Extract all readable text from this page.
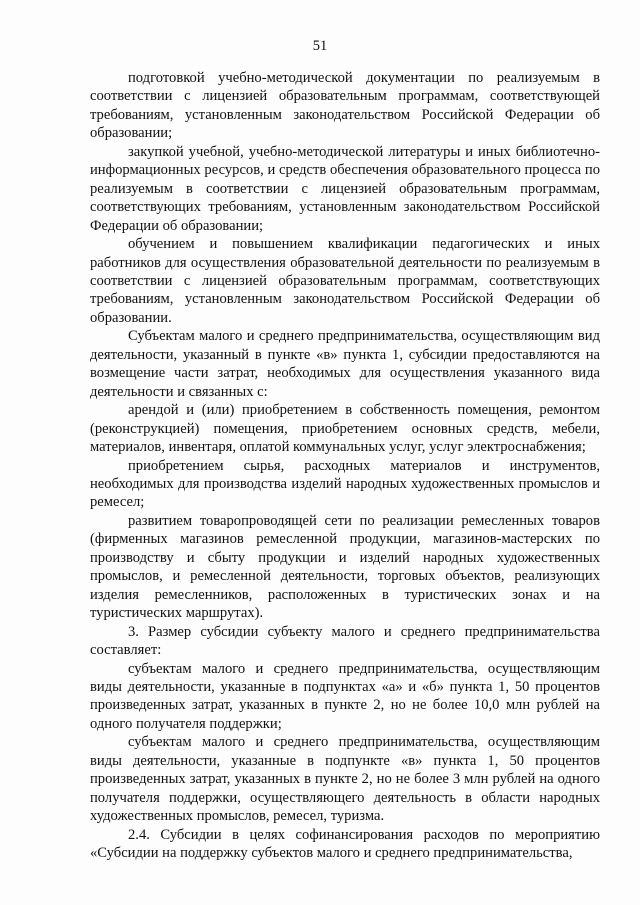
51

подготовкой учебно-методической документации по реализуемым в соответствии с лицензией образовательным программам, соответствующей требованиям, установленным законодательством Российской Федерации об образовании;

закупкой учебной, учебно-методической литературы и иных библиотечно-информационных ресурсов, и средств обеспечения образовательного процесса по реализуемым в соответствии с лицензией образовательным программам, соответствующих требованиям, установленным законодательством Российской Федерации об образовании;

обучением и повышением квалификации педагогических и иных работников для осуществления образовательной деятельности по реализуемым в соответствии с лицензией образовательным программам, соответствующих требованиям, установленным законодательством Российской Федерации об образовании.

Субъектам малого и среднего предпринимательства, осуществляющим вид деятельности, указанный в пункте «в» пункта 1, субсидии предоставляются на возмещение части затрат, необходимых для осуществления указанного вида деятельности и связанных с:

арендой и (или) приобретением в собственность помещения, ремонтом (реконструкцией) помещения, приобретением основных средств, мебели, материалов, инвентаря, оплатой коммунальных услуг, услуг электроснабжения;

приобретением сырья, расходных материалов и инструментов, необходимых для производства изделий народных художественных промыслов и ремесел;

развитием товаропроводящей сети по реализации ремесленных товаров (фирменных магазинов ремесленной продукции, магазинов-мастерских по производству и сбыту продукции и изделий народных художественных промыслов, и ремесленной деятельности, торговых объектов, реализующих изделия ремесленников, расположенных в туристических зонах и на туристических маршрутах).

3. Размер субсидии субъекту малого и среднего предпринимательства составляет:

субъектам малого и среднего предпринимательства, осуществляющим виды деятельности, указанные в подпунктах «а» и «б» пункта 1, 50 процентов произведенных затрат, указанных в пункте 2, но не более 10,0 млн рублей на одного получателя поддержки;

субъектам малого и среднего предпринимательства, осуществляющим виды деятельности, указанные в подпункте «в» пункта 1, 50 процентов произведенных затрат, указанных в пункте 2, но не более 3 млн рублей на одного получателя поддержки, осуществляющего деятельность в области народных художественных промыслов, ремесел, туризма.

2.4. Субсидии в целях софинансирования расходов по мероприятию «Субсидии на поддержку субъектов малого и среднего предпринимательства,
